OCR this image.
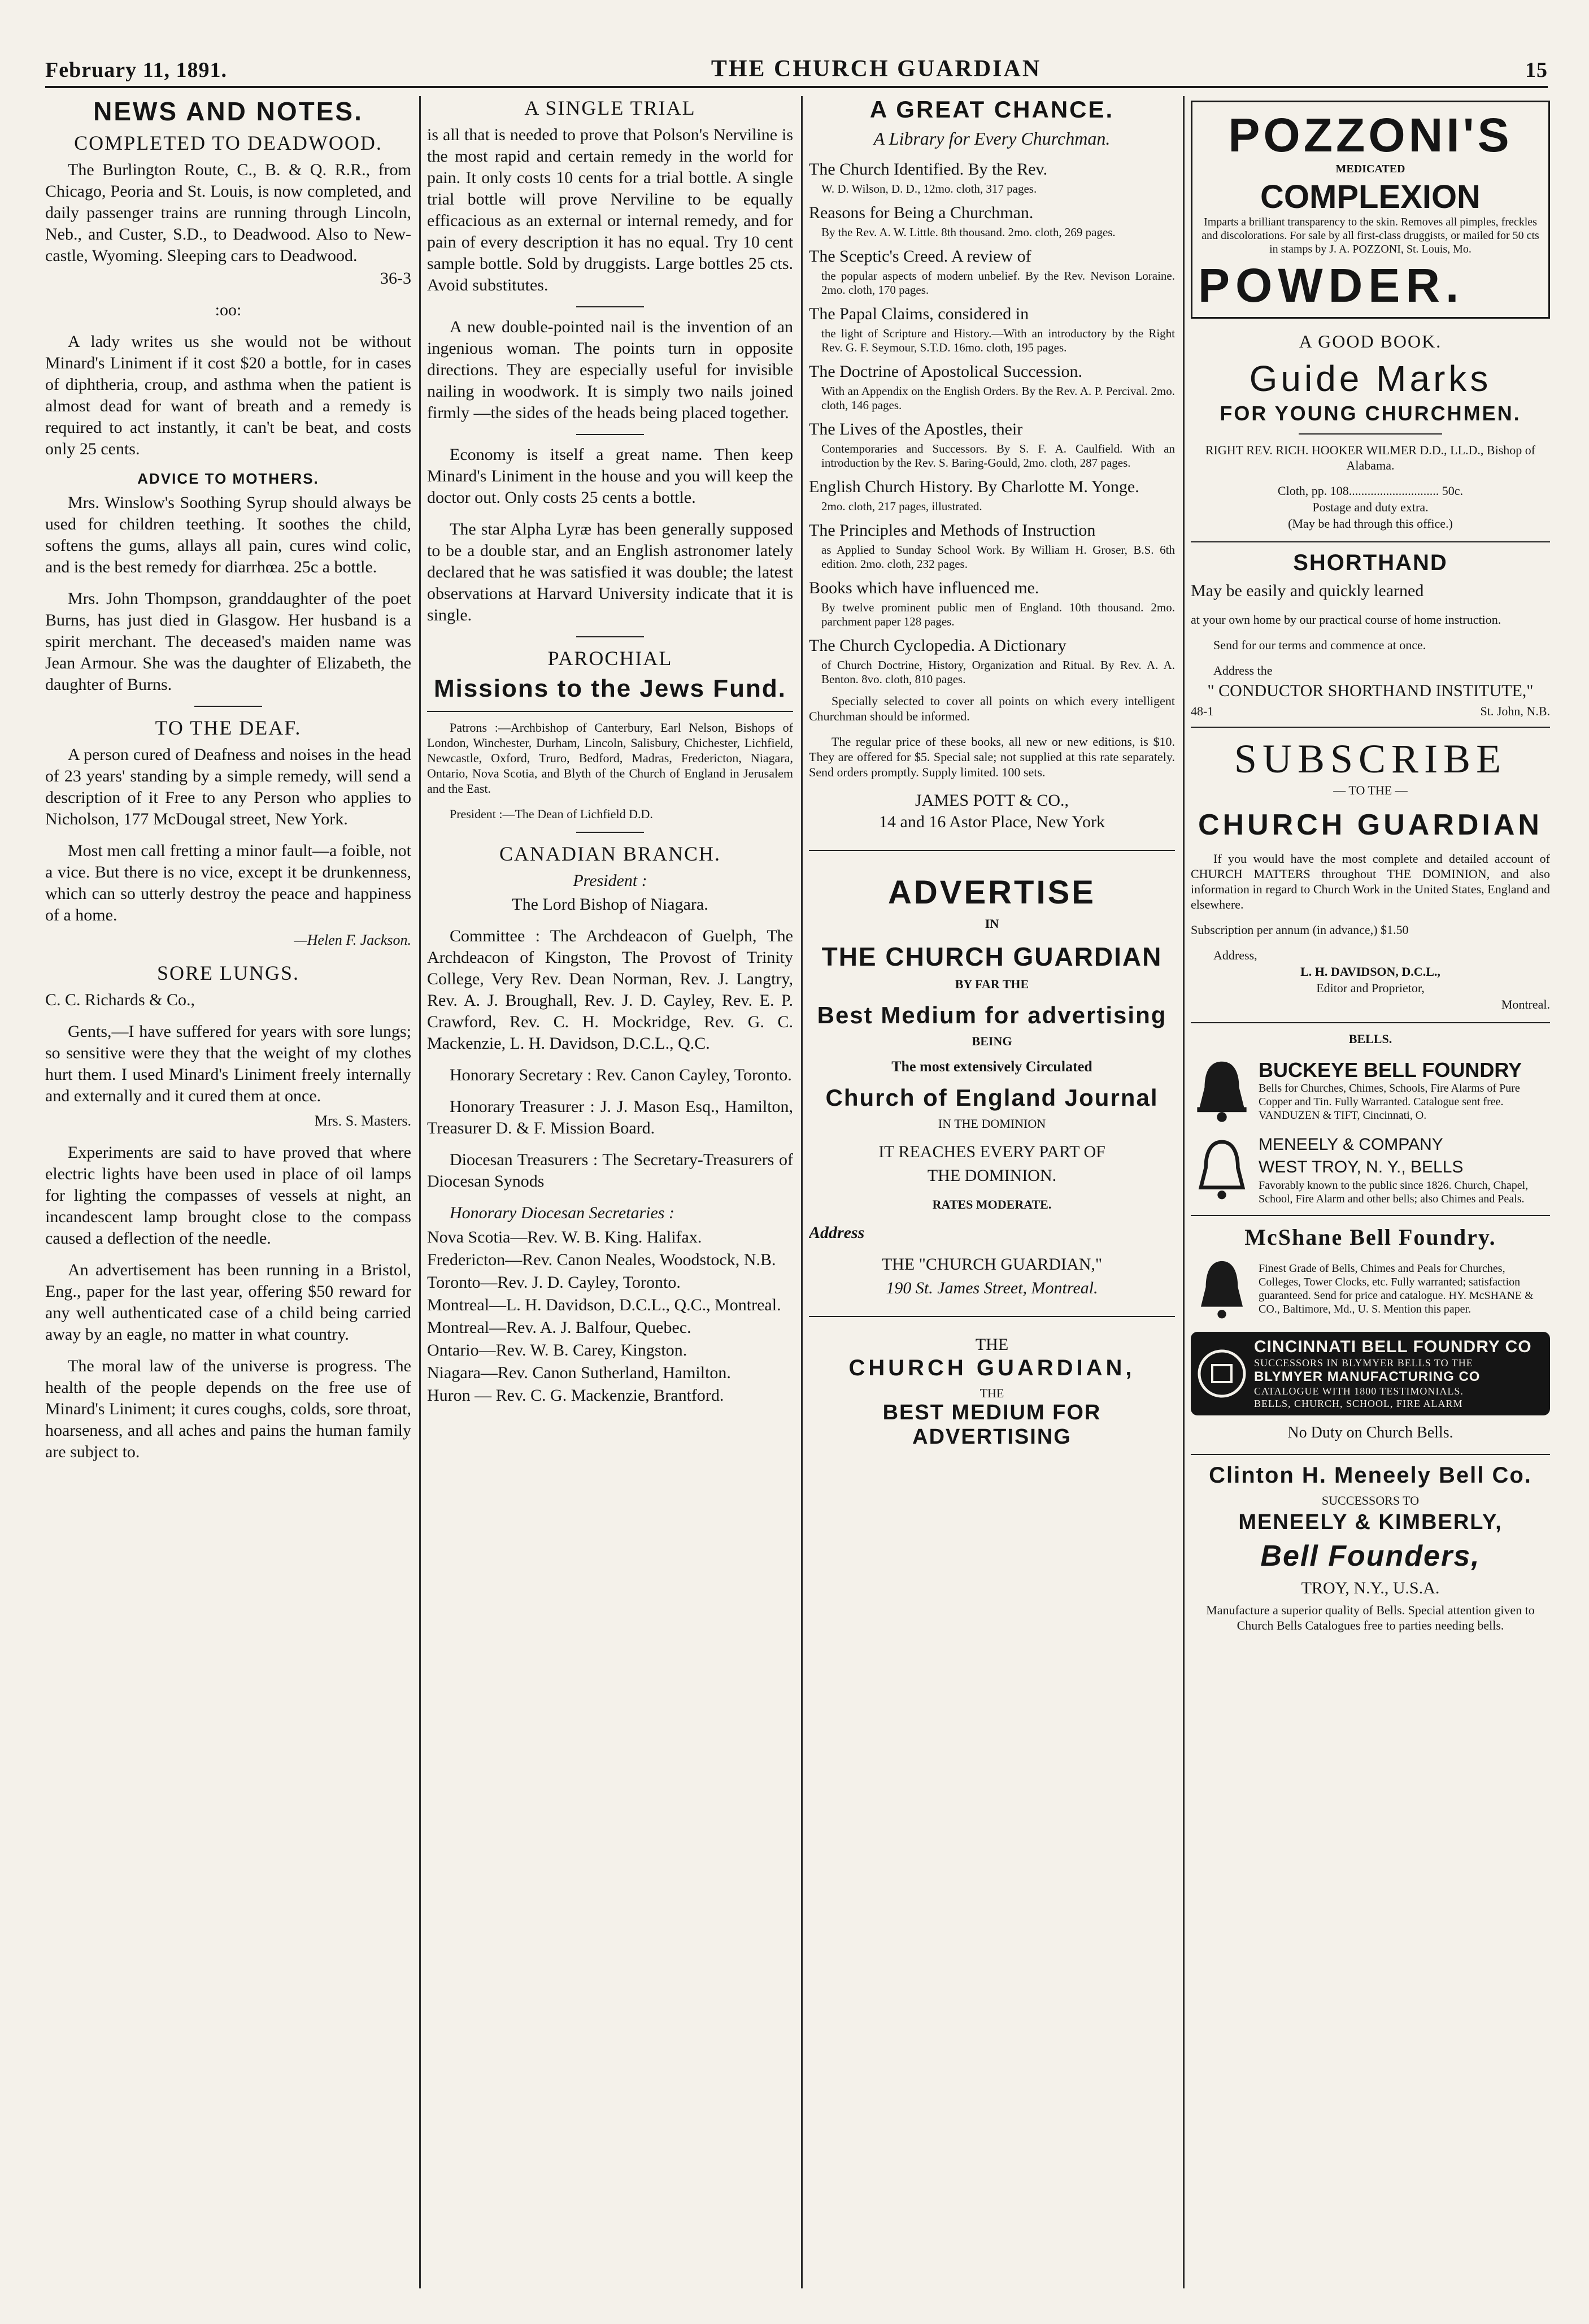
February 11, 1891.	THE CHURCH GUARDIAN	15
NEWS AND NOTES.
COMPLETED TO DEADWOOD.

The Burlington Route, C., B. & Q. R.R., from Chicago, Peoria and St. Louis, is now completed, and daily passenger trains are running through Lincoln, Neb., and Custer, S.D., to Deadwood. Also to New-castle, Wyoming. Sleeping cars to Deadwood.

36-3

:oo:

A lady writes us she would not be without Minard's Liniment if it cost $20 a bottle, for in cases of diphtheria, croup, and asthma when the patient is almost dead for want of breath and a remedy is required to act instantly, it can't be beat, and costs only 25 cents.

ADVICE TO MOTHERS.

Mrs. Winslow's Soothing Syrup should always be used for children teething. It soothes the child, softens the gums, allays all pain, cures wind colic, and is the best remedy for diarrhœa. 25c a bottle.

Mrs. John Thompson, granddaughter of the poet Burns, has just died in Glasgow. Her husband is a spirit merchant. The deceased's maiden name was Jean Armour. She was the daughter of Elizabeth, the daughter of Burns.

TO THE DEAF.

A person cured of Deafness and noises in the head of 23 years' standing by a simple remedy, will send a description of it Free to any Person who applies to Nicholson, 177 McDougal street, New York.

Most men call fretting a minor fault—a foible, not a vice. But there is no vice, except it be drunkenness, which can so utterly destroy the peace and happiness of a home.

—Helen F. Jackson.

SORE LUNGS.

C. C. Richards & Co.,

Gents,—I have suffered for years with sore lungs; so sensitive were they that the weight of my clothes hurt them. I used Minard's Liniment freely internally and externally and it cured them at once.

Mrs. S. Masters.

Experiments are said to have proved that where electric lights have been used in place of oil lamps for lighting the compasses of vessels at night, an incandescent lamp brought close to the compass caused a deflection of the needle.

An advertisement has been running in a Bristol, Eng., paper for the last year, offering $50 reward for any well authenticated case of a child being carried away by an eagle, no matter in what country.

The moral law of the universe is progress. The health of the people depends on the free use of Minard's Liniment; it cures coughs, colds, sore throat, hoarseness, and all aches and pains the human family are subject to.

A SINGLE TRIAL

is all that is needed to prove that Polson's Nerviline is the most rapid and certain remedy in the world for pain. It only costs 10 cents for a trial bottle. A single trial bottle will prove Nerviline to be equally efficacious as an external or internal remedy, and for pain of every description it has no equal. Try 10 cent sample bottle. Sold by druggists. Large bottles 25 cts. Avoid substitutes.

A new double-pointed nail is the invention of an ingenious woman. The points turn in opposite directions. They are especially useful for invisible nailing in woodwork. It is simply two nails joined firmly —the sides of the heads being placed together.

Economy is itself a great name. Then keep Minard's Liniment in the house and you will keep the doctor out. Only costs 25 cents a bottle.

The star Alpha Lyræ has been generally supposed to be a double star, and an English astronomer lately declared that he was satisfied it was double; the latest observations at Harvard University indicate that it is single.

PAROCHIAL
Missions to the Jews Fund.

Patrons :—Archbishop of Canterbury, Earl Nelson, Bishops of London, Winchester, Durham, Lincoln, Salisbury, Chichester, Lichfield, Newcastle, Oxford, Truro, Bedford, Madras, Fredericton, Niagara, Ontario, Nova Scotia, and Blyth of the Church of England in Jerusalem and the East.

President :—The Dean of Lichfield D.D.

CANADIAN BRANCH.

President :

The Lord Bishop of Niagara.

Committee : The Archdeacon of Guelph, The Archdeacon of Kingston, The Provost of Trinity College, Very Rev. Dean Norman, Rev. J. Langtry, Rev. A. J. Broughall, Rev. J. D. Cayley, Rev. E. P. Crawford, Rev. C. H. Mockridge, Rev. G. C. Mackenzie, L. H. Davidson, D.C.L., Q.C.

Honorary Secretary : Rev. Canon Cayley, Toronto.

Honorary Treasurer : J. J. Mason Esq., Hamilton, Treasurer D. & F. Mission Board.

Diocesan Treasurers : The Secretary-Treasurers of Diocesan Synods

Honorary Diocesan Secretaries :

Nova Scotia—Rev. W. B. King. Halifax.

Fredericton—Rev. Canon Neales, Woodstock, N.B.

Toronto—Rev. J. D. Cayley, Toronto.

Montreal—L. H. Davidson, D.C.L., Q.C., Montreal.

Montreal—Rev. A. J. Balfour, Quebec.

Ontario—Rev. W. B. Carey, Kingston.

Niagara—Rev. Canon Sutherland, Hamilton.

Huron — Rev. C. G. Mackenzie, Brantford.

A GREAT CHANCE.

A Library for Every Churchman.

The Church Identified. By the Rev.

W. D. Wilson, D. D., 12mo. cloth, 317 pages.

Reasons for Being a Churchman.

By the Rev. A. W. Little. 8th thousand. 2mo. cloth, 269 pages.

The Sceptic's Creed. A review of

the popular aspects of modern unbelief. By the Rev. Nevison Loraine. 2mo. cloth, 170 pages.

The Papal Claims, considered in

the light of Scripture and History.—With an introductory by the Right Rev. G. F. Seymour, S.T.D. 16mo. cloth, 195 pages.

The Doctrine of Apostolical Succession.

With an Appendix on the English Orders. By the Rev. A. P. Percival. 2mo. cloth, 146 pages.

The Lives of the Apostles, their

Contemporaries and Successors. By S. F. A. Caulfield. With an introduction by the Rev. S. Baring-Gould, 2mo. cloth, 287 pages.

English Church History. By Charlotte M. Yonge.

2mo. cloth, 217 pages, illustrated.

The Principles and Methods of Instruction

as Applied to Sunday School Work. By William H. Groser, B.S. 6th edition. 2mo. cloth, 232 pages.

Books which have influenced me.

By twelve prominent public men of England. 10th thousand. 2mo. parchment paper 128 pages.

The Church Cyclopedia. A Dictionary

of Church Doctrine, History, Organization and Ritual. By Rev. A. A. Benton. 8vo. cloth, 810 pages.

Specially selected to cover all points on which every intelligent Churchman should be informed.

The regular price of these books, all new or new editions, is $10. They are offered for $5. Special sale; not supplied at this rate separately. Send orders promptly. Supply limited. 100 sets.

JAMES POTT & CO.,

14 and 16 Astor Place, New York

ADVERTISE

IN

THE CHURCH GUARDIAN

BY FAR THE

Best Medium for advertising

BEING

The most extensively Circulated

Church of England Journal

IN THE DOMINION

IT REACHES EVERY PART OF

THE DOMINION.

RATES MODERATE.

Address

THE "CHURCH GUARDIAN,"

190 St. James Street, Montreal.

THE

CHURCH GUARDIAN,

THE

BEST MEDIUM FOR ADVERTISING
POZZONI'S
MEDICATED
COMPLEXION
Imparts a brilliant transparency to the skin. Removes all pimples, freckles and discolorations. For sale by all first-class druggists, or mailed for 50 cts in stamps by J. A. POZZONI, St. Louis, Mo.
POWDER.
A GOOD BOOK.
Guide Marks
FOR YOUNG CHURCHMEN.

RIGHT REV. RICH. HOOKER WILMER D.D., LL.D., Bishop of Alabama.

Cloth, pp. 108............................. 50c.

Postage and duty extra.

(May be had through this office.)

SHORTHAND

May be easily and quickly learned

at your own home by our practical course of home instruction.

Send for our terms and commence at once.

Address the

" CONDUCTOR SHORTHAND INSTITUTE,"

48-1	St. John, N.B.
SUBSCRIBE

— TO THE —

CHURCH GUARDIAN

If you would have the most complete and detailed account of CHURCH MATTERS throughout THE DOMINION, and also information in regard to Church Work in the United States, England and elsewhere.

Subscription per annum (in advance,) $1.50

Address,

L. H. DAVIDSON, D.C.L.,

Editor and Proprietor,

Montreal.

BELLS.

BUCKEYE BELL FOUNDRY
Bells for Churches, Chimes, Schools, Fire Alarms of Pure Copper and Tin. Fully Warranted. Catalogue sent free. VANDUZEN & TIFT, Cincinnati, O.
MENEELY & COMPANY
WEST TROY, N. Y., BELLS
Favorably known to the public since 1826. Church, Chapel, School, Fire Alarm and other bells; also Chimes and Peals.
McShane Bell Foundry.
Finest Grade of Bells, Chimes and Peals for Churches, Colleges, Tower Clocks, etc. Fully warranted; satisfaction guaranteed. Send for price and catalogue. HY. McSHANE & CO., Baltimore, Md., U. S. Mention this paper.
CINCINNATI BELL FOUNDRY CO
SUCCESSORS IN BLYMYER BELLS TO THE
BLYMYER MANUFACTURING CO
CATALOGUE WITH 1800 TESTIMONIALS.
BELLS, CHURCH, SCHOOL, FIRE ALARM

No Duty on Church Bells.

Clinton H. Meneely Bell Co.

SUCCESSORS TO

MENEELY & KIMBERLY,
Bell Founders,

TROY, N.Y., U.S.A.

Manufacture a superior quality of Bells. Special attention given to Church Bells Catalogues free to parties needing bells.
